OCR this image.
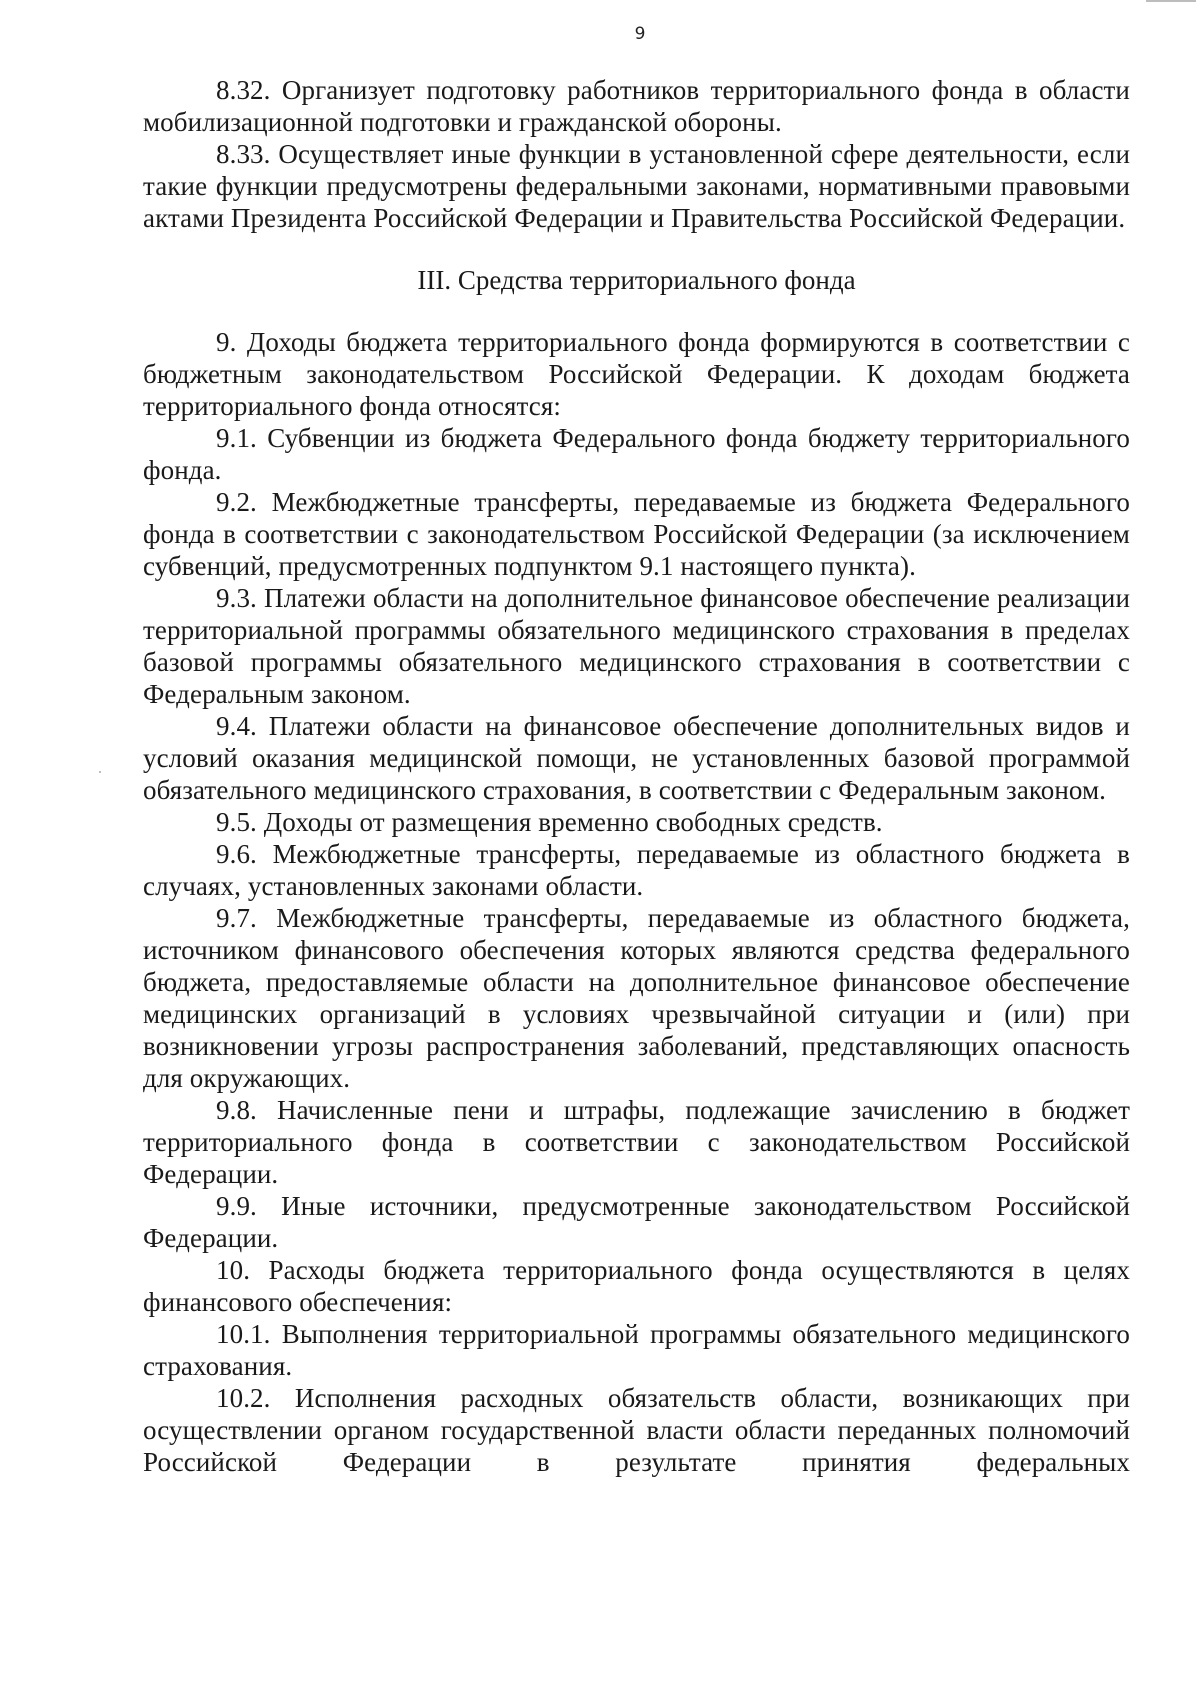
9

8.32. Организует подготовку работников территориального фонда в области мобилизационной подготовки и гражданской обороны.

8.33. Осуществляет иные функции в установленной сфере деятельности, если такие функции предусмотрены федеральными законами, нормативными правовыми актами Президента Российской Федерации и Правительства Российской Федерации.

III. Средства территориального фонда

9. Доходы бюджета территориального фонда формируются в соответствии с бюджетным законодательством Российской Федерации. К доходам бюджета территориального фонда относятся:

9.1. Субвенции из бюджета Федерального фонда бюджету территориального фонда.

9.2. Межбюджетные трансферты, передаваемые из бюджета Федерального фонда в соответствии с законодательством Российской Федерации (за исключением субвенций, предусмотренных подпунктом 9.1 настоящего пункта).

9.3. Платежи области на дополнительное финансовое обеспечение реализации территориальной программы обязательного медицинского страхования в пределах базовой программы обязательного медицинского страхования в соответствии с Федеральным законом.

9.4. Платежи области на финансовое обеспечение дополнительных видов и условий оказания медицинской помощи, не установленных базовой программой обязательного медицинского страхования, в соответствии с Федеральным законом.

9.5. Доходы от размещения временно свободных средств.

9.6. Межбюджетные трансферты, передаваемые из областного бюджета в случаях, установленных законами области.

9.7. Межбюджетные трансферты, передаваемые из областного бюджета, источником финансового обеспечения которых являются средства федерального бюджета, предоставляемые области на дополнительное финансовое обеспечение медицинских организаций в условиях чрезвычайной ситуации и (или) при возникновении угрозы распространения заболеваний, представляющих опасность для окружающих.

9.8. Начисленные пени и штрафы, подлежащие зачислению в бюджет территориального фонда в соответствии с законодательством Российской Федерации.

9.9. Иные источники, предусмотренные законодательством Российской Федерации.

10. Расходы бюджета территориального фонда осуществляются в целях финансового обеспечения:

10.1. Выполнения территориальной программы обязательного медицинского страхования.

10.2. Исполнения расходных обязательств области, возникающих при осуществлении органом государственной власти области переданных полномочий Российской Федерации в результате принятия федеральных
